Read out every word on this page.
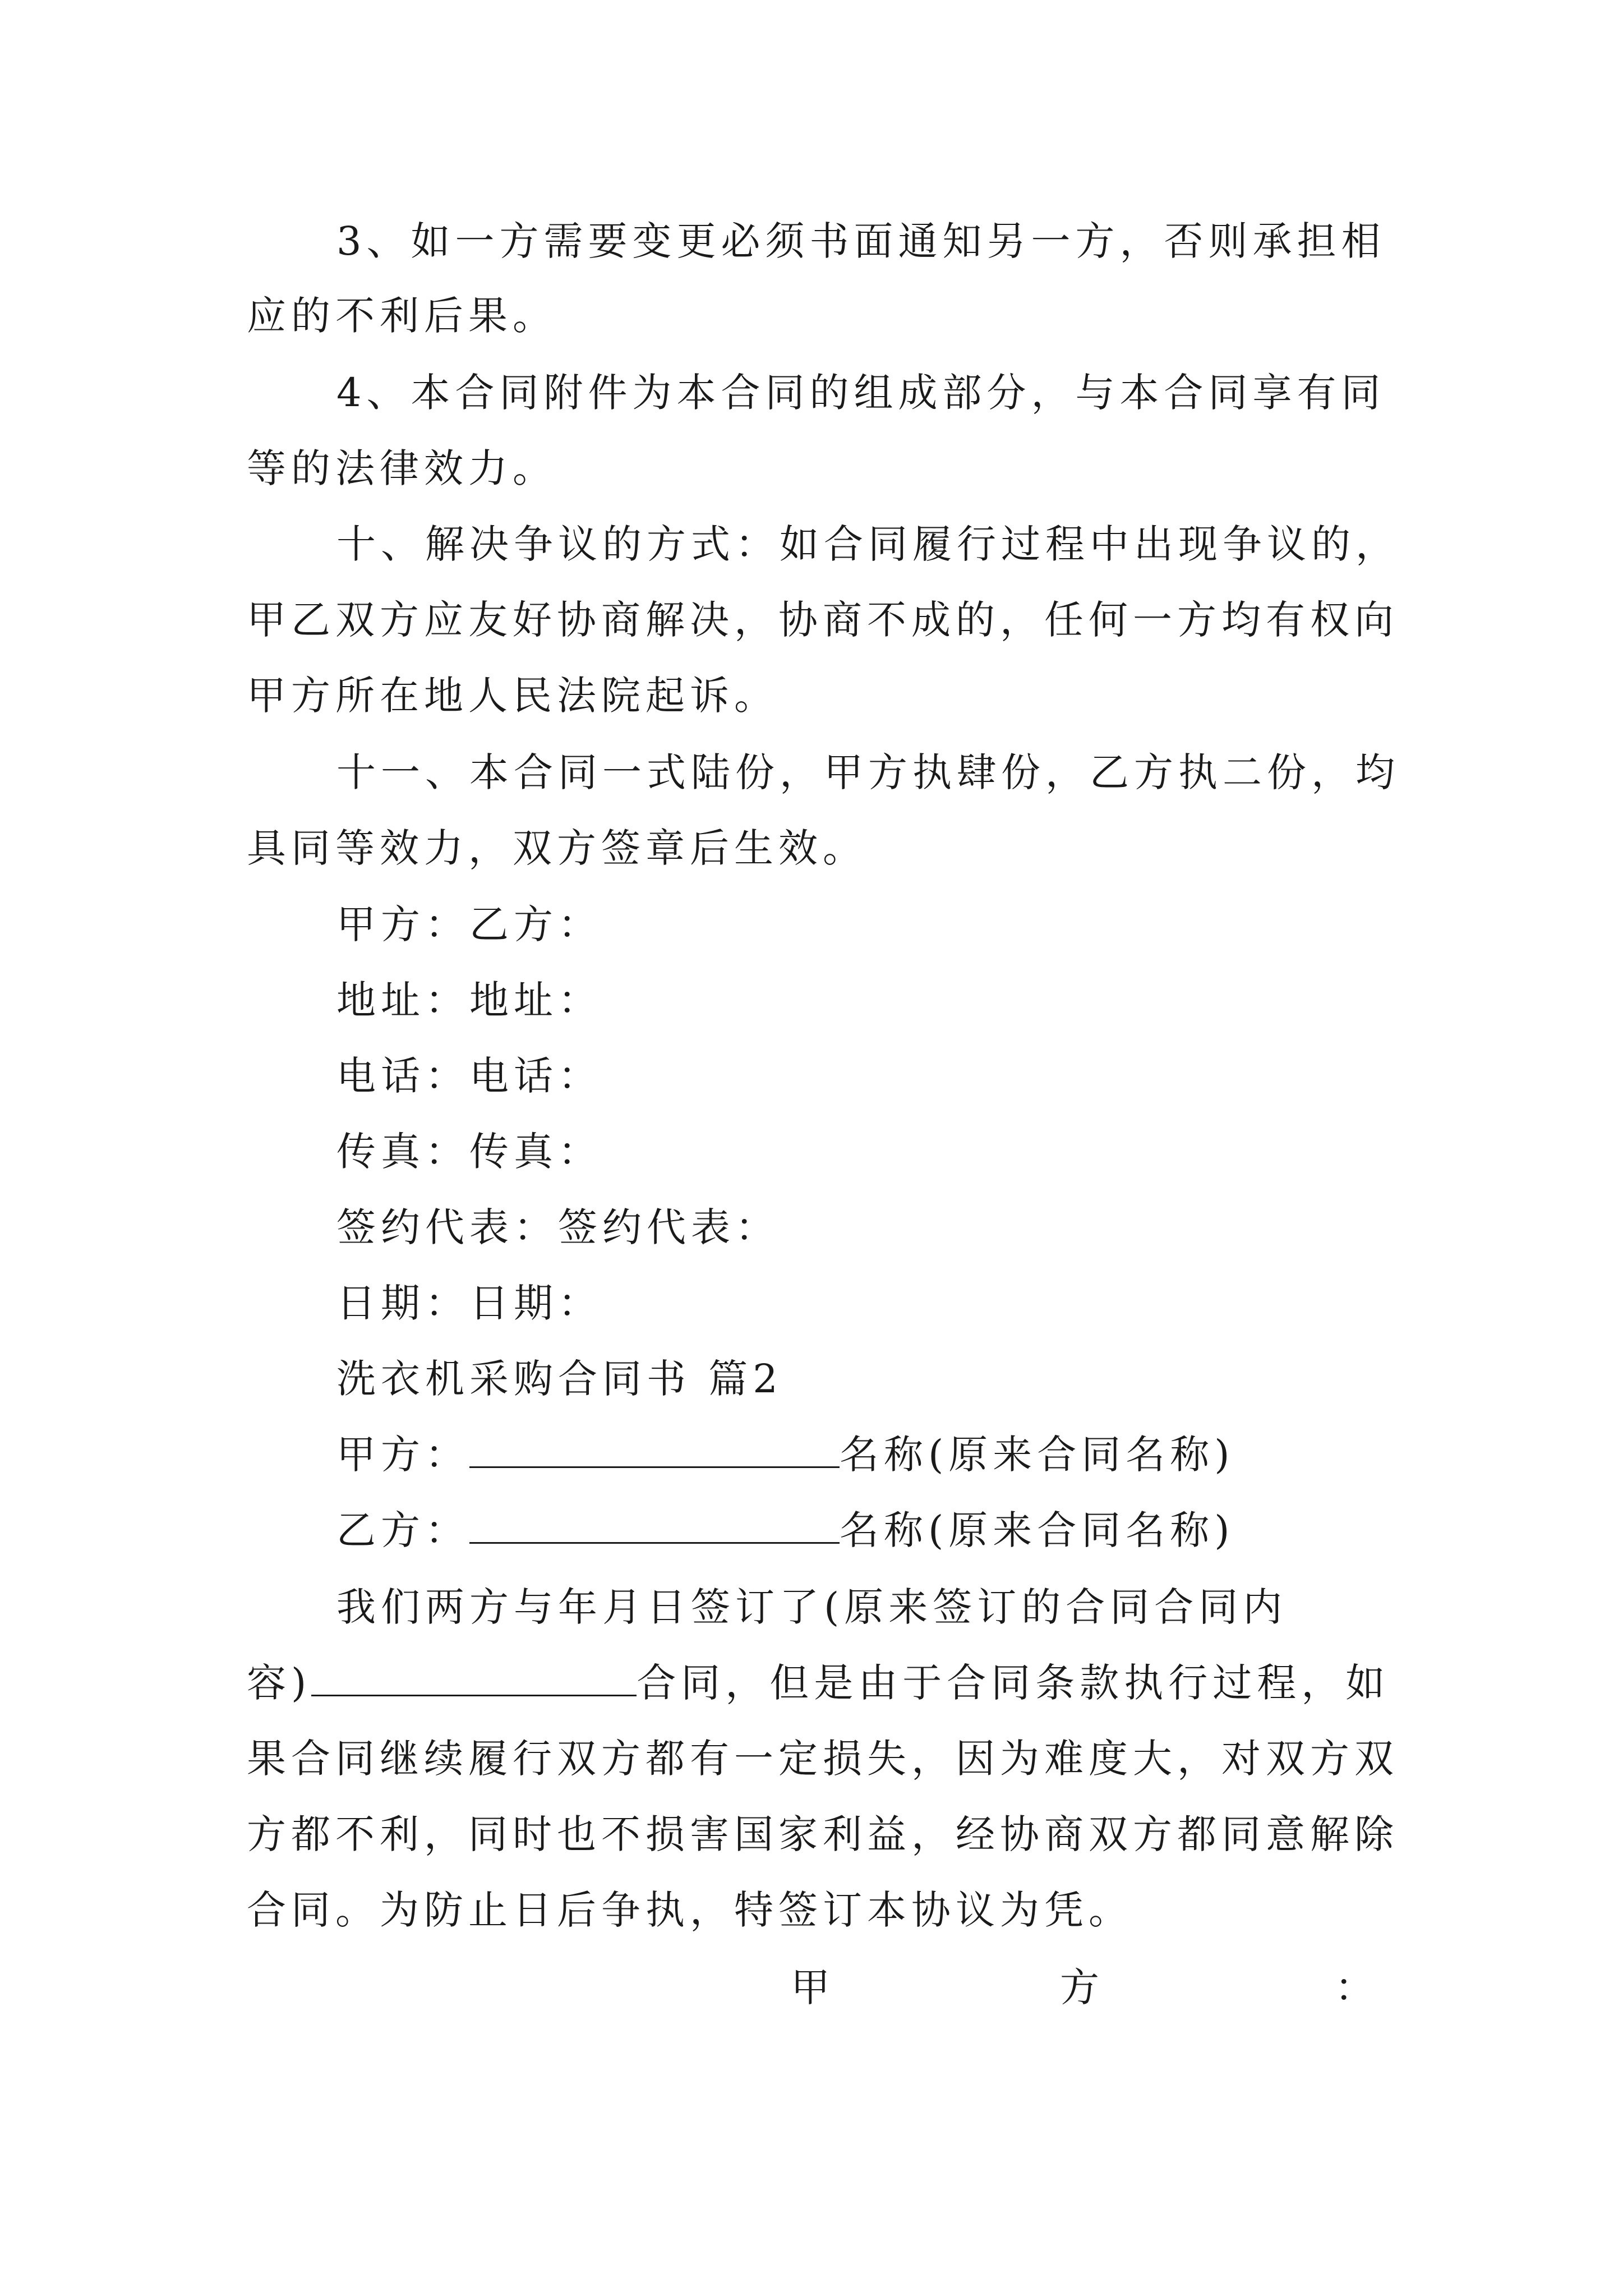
3、如一方需要变更必须书面通知另一方，否则承担相
应的不利后果。
4、本合同附件为本合同的组成部分，与本合同享有同
等的法律效力。
十、解决争议的方式：如合同履行过程中出现争议的，
甲乙双方应友好协商解决，协商不成的，任何一方均有权向
甲方所在地人民法院起诉。
十一、本合同一式陆份，甲方执肆份，乙方执二份，均
具同等效力，双方签章后生效。
甲方：乙方：
地址：地址：
电话：电话：
传真：传真：
签约代表：签约代表：
日期：日期：
洗衣机采购合同书 篇2
甲方：	名称(原来合同名称)
乙方：	名称(原来合同名称)
我们两方与年月日签订了(原来签订的合同合同内
容)	合同，但是由于合同条款执行过程，如
果合同继续履行双方都有一定损失，因为难度大，对双方双
方都不利，同时也不损害国家利益，经协商双方都同意解除
合同。为防止日后争执，特签订本协议为凭。
甲	方	：
